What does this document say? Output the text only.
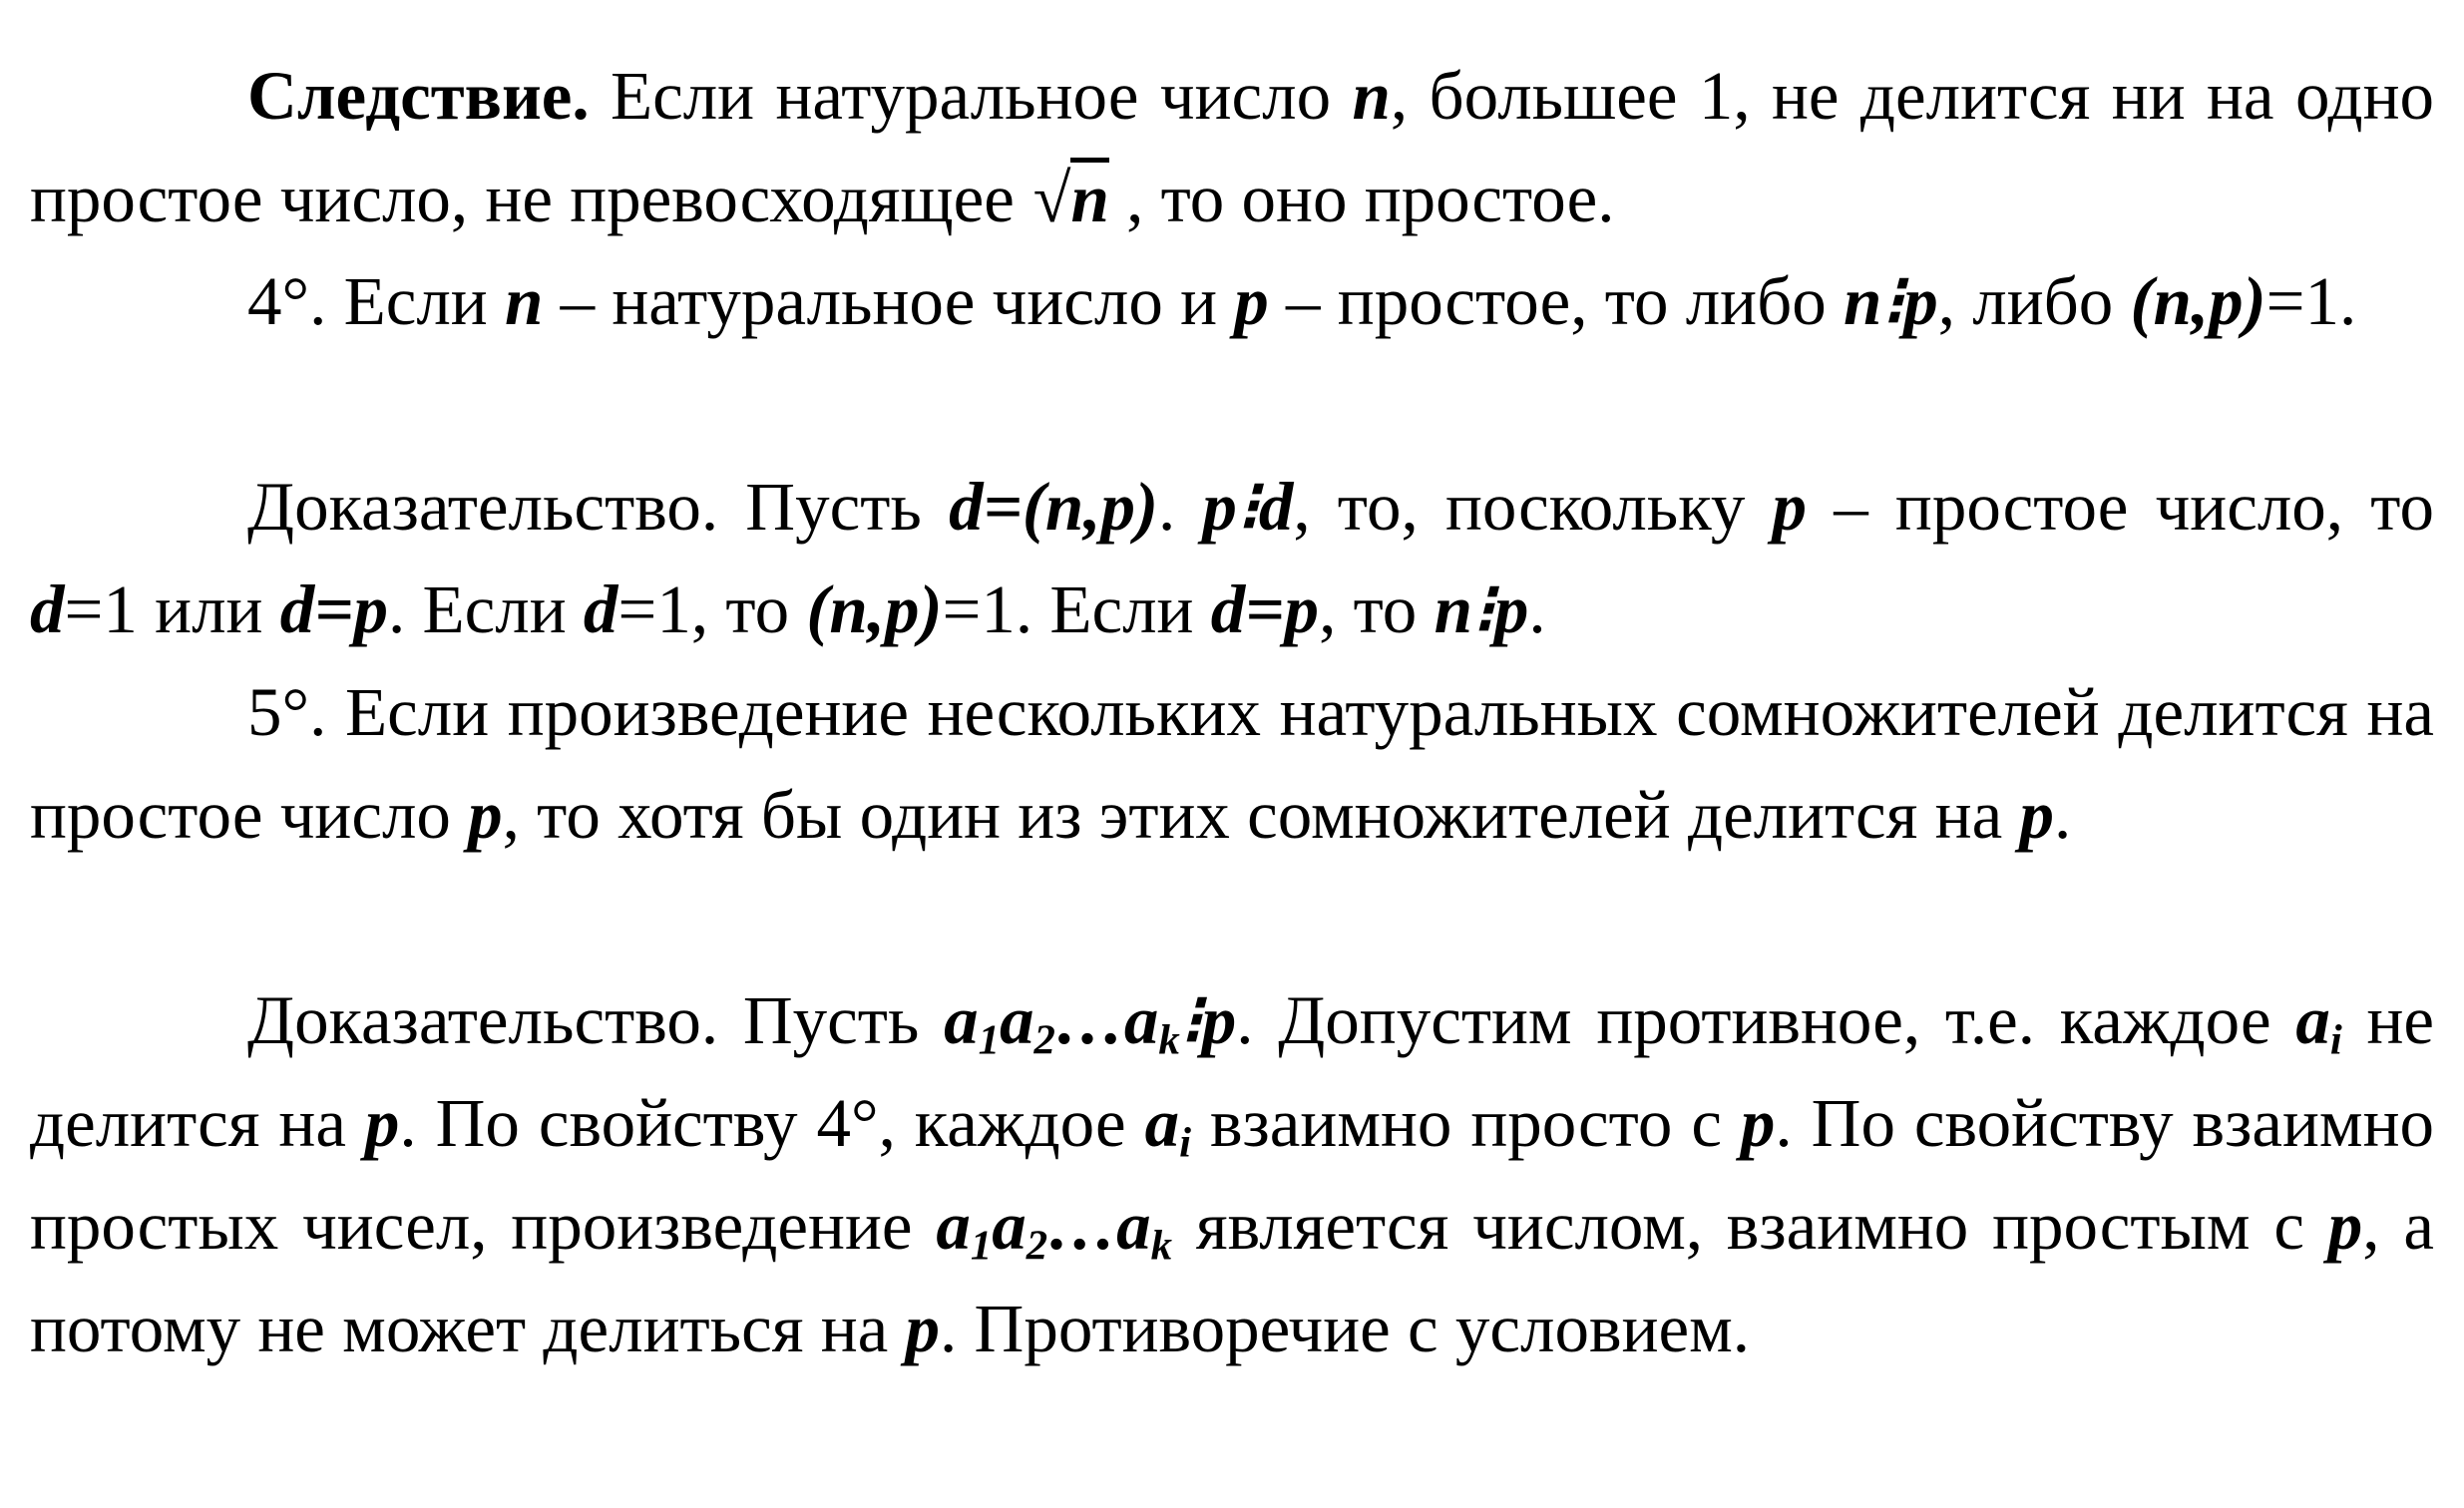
Следствие. Если натуральное число n, большее 1, не делится ни на одно простое число, не превосходящее √n , то оно простое.

4°. Если n – натуральное число и p – простое, то либо n⁝p, либо (n,p)=1.

Доказательство. Пусть d=(n,p). p⁝d, то, поскольку p – простое число, то d=1 или d=p. Если d=1, то (n,p)=1. Если d=p, то n⁝p.

5°. Если произведение нескольких натуральных сомножителей делится на простое число p, то хотя бы один из этих сомножителей делится на p.

Доказательство. Пусть $a_1a_2\dots a_k⁝p$. Допустим противное, т.е. каждое $a_i$ не делится на p. По свойству 4°, каждое $a_i$ взаимно просто с p. По свойству взаимно простых чисел, произведение $a_1a_2\dots a_k$ является числом, взаимно простым с p, а потому не может делиться на p. Противоречие с условием.
